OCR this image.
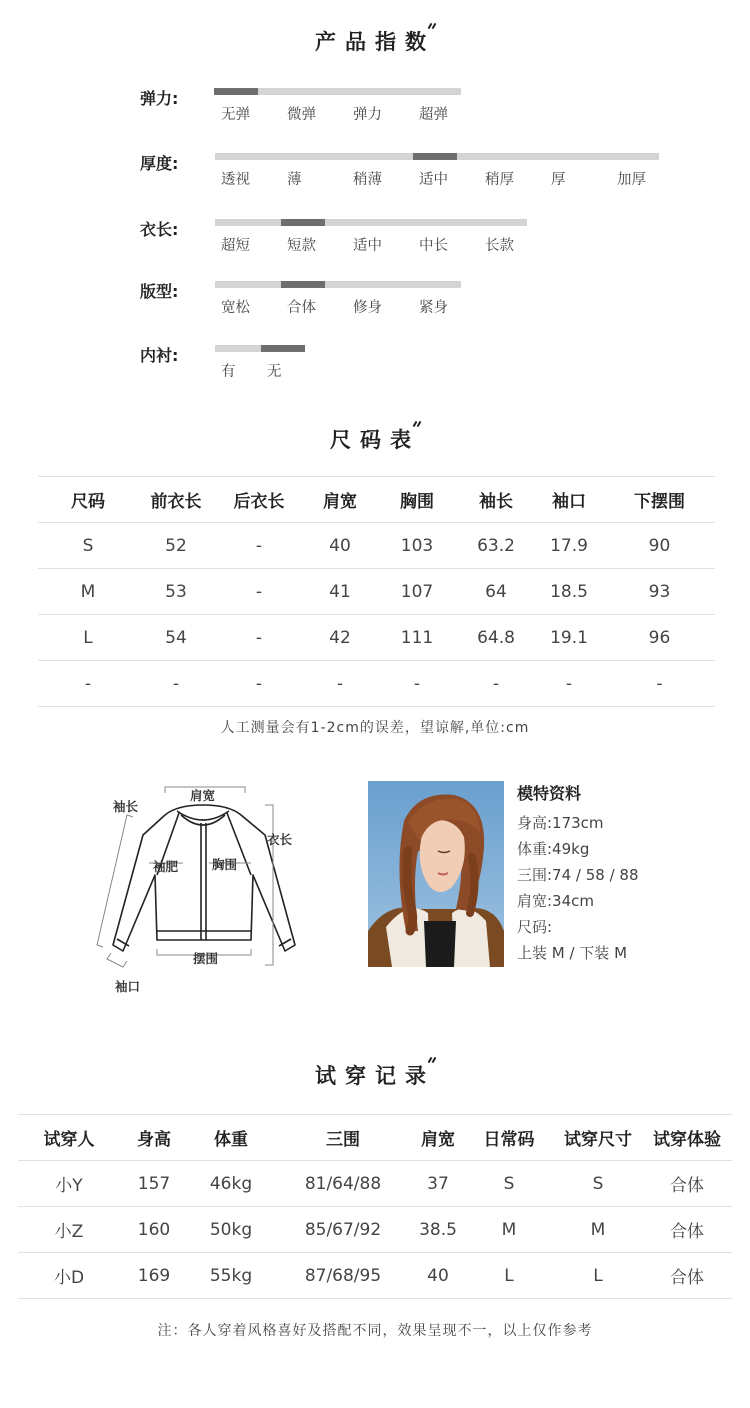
产品指数
弹力:
无弹	微弹	弹力	超弹
厚度:
透视	薄	稍薄	适中	稍厚	厚	加厚
衣长:
超短	短款	适中	中长	长款
版型:
宽松	合体	修身	紧身
内衬:
有 无
尺码表
尺码	前衣长	后衣长	肩宽	胸围	袖长	袖口	下摆围
S	52	-	40	103	63.2	17.9	90
M	53	-	41	107	64	18.5	93
L	54	-	42	111	64.8	19.1	96
-	-	-	-	-	-	-	-
人工测量会有1-2cm的误差，望谅解,单位:cm
肩宽
袖长
衣长
袖肥	胸围
摆围
袖口
模特资料
身高:173cm
体重:49kg
三围:74 / 58 / 88
肩宽:34cm
尺码:
上装 M / 下装 M
试穿记录
试穿人	身高	体重	三围	肩宽	日常码	试穿尺寸	试穿体验
小Y	157	46kg	81/64/88	37	S	S	合体
小Z	160	50kg	85/67/92	38.5	M	M	合体
小D	169	55kg	87/68/95	40	L	L	合体
注：各人穿着风格喜好及搭配不同，效果呈现不一，以上仅作参考
